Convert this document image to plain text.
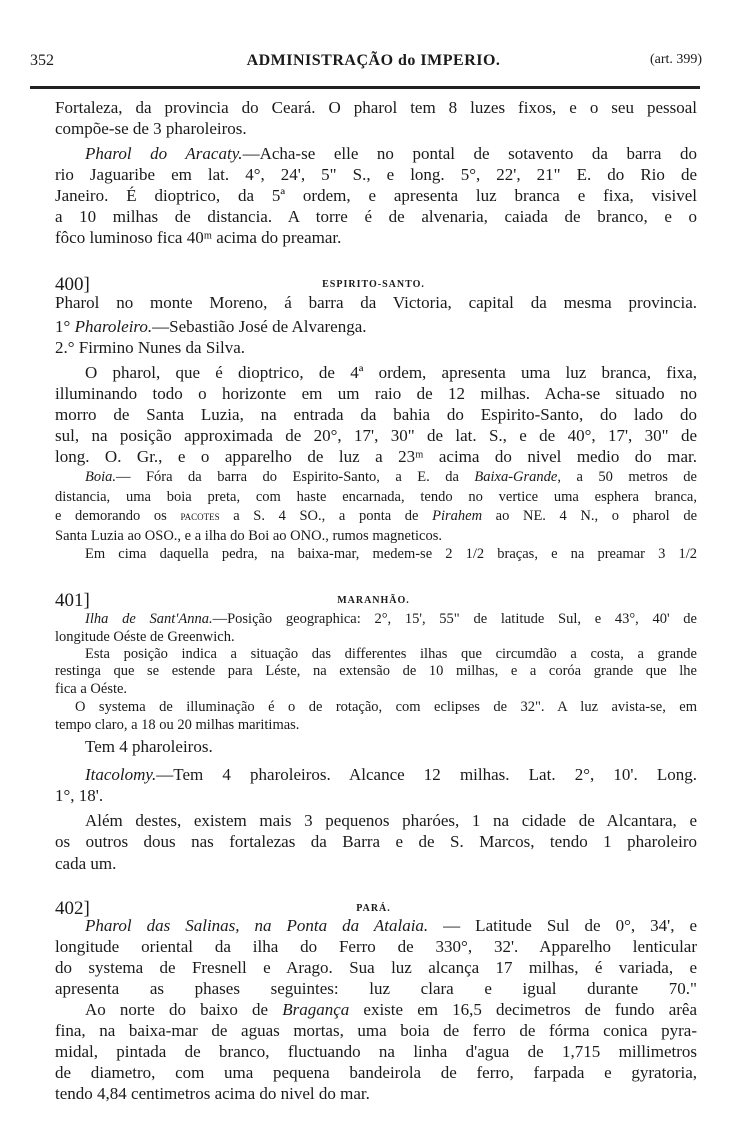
352	ADMINISTRAÇÃO do IMPERIO.	(art. 399)
400]	ESPIRITO-SANTO.
401]	MARANHÃO.
402]	PARÁ.
Fortaleza, da provincia do Ceará. O pharol tem 8 luzes fixos, e o seu pessoal
compõe-se de 3 pharoleiros.
Pharol do Aracaty.—Acha-se elle no pontal de sotavento da barra do
rio Jaguaribe em lat. 4°, 24', 5" S., e long. 5°, 22', 21" E. do Rio de
Janeiro. É dioptrico, da 5ª ordem, e apresenta luz branca e fixa, visivel
a 10 milhas de distancia. A torre é de alvenaria, caiada de branco, e o
fôco luminoso fica 40ᵐ acima do preamar.
Pharol no monte Moreno, á barra da Victoria, capital da mesma provincia.
1° Pharoleiro.—Sebastião José de Alvarenga.
2.° Firmino Nunes da Silva.
O pharol, que é dioptrico, de 4ª ordem, apresenta uma luz branca, fixa,
illuminando todo o horizonte em um raio de 12 milhas. Acha-se situado no
morro de Santa Luzia, na entrada da bahia do Espirito-Santo, do lado do
sul, na posição approximada de 20°, 17', 30" de lat. S., e de 40°, 17', 30" de
long. O. Gr., e o apparelho de luz a 23ᵐ acima do nivel medio do mar.
Boia.— Fóra da barra do Espirito-Santo, a E. da Baixa-Grande, a 50 metros de
distancia, uma boia preta, com haste encarnada, tendo no vertice uma esphera branca,
e demorando os pacotes a S. 4 SO., a ponta de Pirahem ao NE. 4 N., o pharol de
Santa Luzia ao OSO., e a ilha do Boi ao ONO., rumos magneticos.
Em cima daquella pedra, na baixa-mar, medem-se 2 1/2 braças, e na preamar 3 1/2
Ilha de Sant'Anna.—Posição geographica: 2°, 15', 55" de latitude Sul, e 43°, 40' de
longitude Oéste de Greenwich.
Esta posição indica a situação das differentes ilhas que circumdão a costa, a grande
restinga que se estende para Léste, na extensão de 10 milhas, e a coróa grande que lhe
fica a Oéste.
O systema de illuminação é o de rotação, com eclipses de 32". A luz avista-se, em
tempo claro, a 18 ou 20 milhas maritimas.
Tem 4 pharoleiros.
Itacolomy.—Tem 4 pharoleiros. Alcance 12 milhas. Lat. 2°, 10'. Long.
1°, 18'.
Além destes, existem mais 3 pequenos pharóes, 1 na cidade de Alcantara, e
os outros dous nas fortalezas da Barra e de S. Marcos, tendo 1 pharoleiro
cada um.
Pharol das Salinas, na Ponta da Atalaia. — Latitude Sul de 0°, 34', e
longitude oriental da ilha do Ferro de 330°, 32'. Apparelho lenticular
do systema de Fresnell e Arago. Sua luz alcança 17 milhas, é variada, e
apresenta as phases seguintes: luz clara e igual durante 70."
Ao norte do baixo de Bragança existe em 16,5 decimetros de fundo arêa
fina, na baixa-mar de aguas mortas, uma boia de ferro de fórma conica pyra-
midal, pintada de branco, fluctuando na linha d'agua de 1,715 millimetros
de diametro, com uma pequena bandeirola de ferro, farpada e gyratoria,
tendo 4,84 centimetros acima do nivel do mar.
